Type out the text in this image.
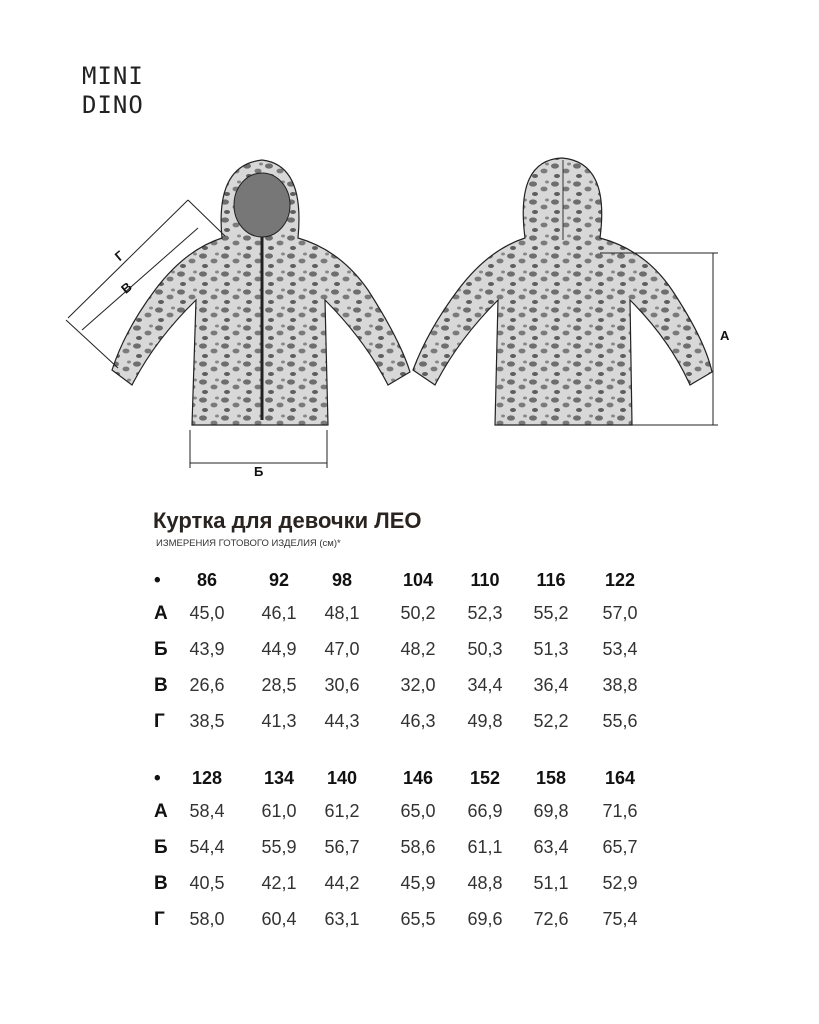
MINI
DINO
Б
А
В
Г
Куртка для девочки ЛЕО
ИЗМЕРЕНИЯ ГОТОВОГО ИЗДЕЛИЯ (см)*
•	86	92	98	104	110	116	122
А	45,0	46,1	48,1	50,2	52,3	55,2	57,0
Б	43,9	44,9	47,0	48,2	50,3	51,3	53,4
В	26,6	28,5	30,6	32,0	34,4	36,4	38,8
Г	38,5	41,3	44,3	46,3	49,8	52,2	55,6
•	128	134	140	146	152	158	164
А	58,4	61,0	61,2	65,0	66,9	69,8	71,6
Б	54,4	55,9	56,7	58,6	61,1	63,4	65,7
В	40,5	42,1	44,2	45,9	48,8	51,1	52,9
Г	58,0	60,4	63,1	65,5	69,6	72,6	75,4
